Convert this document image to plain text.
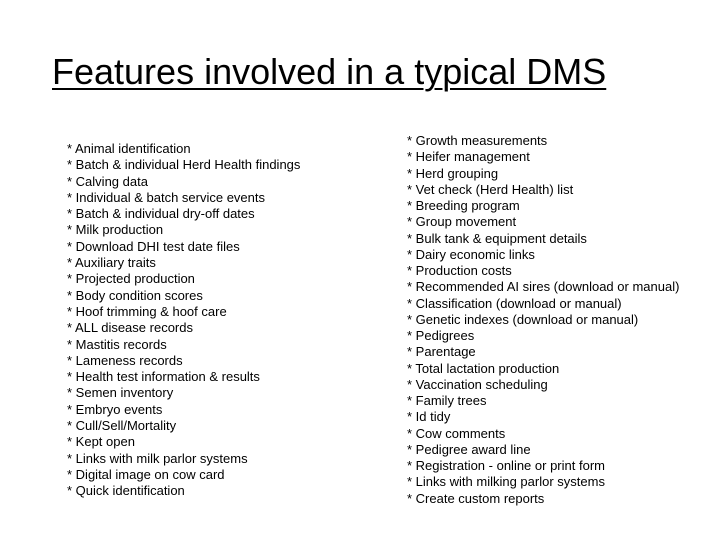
Features involved in a typical DMS
* Animal identification
* Batch & individual Herd Health findings
* Calving data
* Individual & batch service events
* Batch & individual dry-off dates
* Milk production
* Download DHI test date files
* Auxiliary traits
* Projected production
* Body condition scores
* Hoof trimming & hoof care
* ALL disease records
* Mastitis records
* Lameness records
* Health test information & results
* Semen inventory
* Embryo events
* Cull/Sell/Mortality
* Kept open
* Links with milk parlor systems
* Digital image on cow card
* Quick identification
* Growth measurements
* Heifer management
* Herd grouping
* Vet check (Herd Health) list
* Breeding program
* Group movement
* Bulk tank & equipment details
* Dairy economic links
* Production costs
* Recommended AI sires (download or manual)
* Classification (download or manual)
* Genetic indexes (download or manual)
* Pedigrees
* Parentage
* Total lactation production
* Vaccination scheduling
* Family trees
* Id tidy
* Cow comments
* Pedigree award line
* Registration - online or print form
* Links with milking parlor systems
* Create custom reports
